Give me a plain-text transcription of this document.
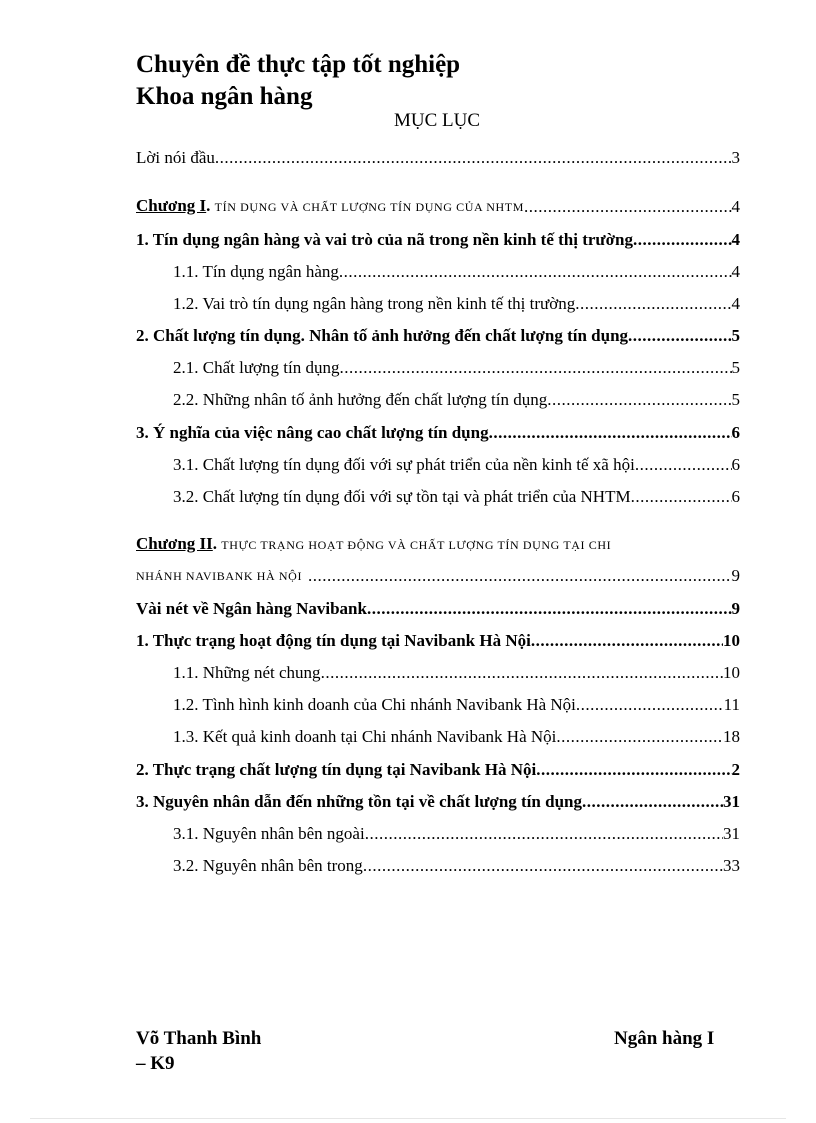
Chuyên đề thực tập tốt nghiệp
Khoa ngân hàng
MỤC LỤC
Lời nói đầu .....	3
Chương I. TÍN DỤNG VÀ CHẤT LƯỢNG TÍN DỤNG CỦA NHTM .....	4
1. Tín dụng ngân hàng và vai trò của nã trong nền kinh tế thị trường .....	4
1.1. Tín dụng ngân hàng .....	4
1.2. Vai trò tín dụng ngân hàng trong nền kinh tế thị trường .....	4
2. Chất lượng tín dụng. Nhân tố ảnh hưởng đến chất lượng tín dụng .....	5
2.1. Chất lượng tín dụng .....	5
2.2. Những nhân tố ảnh hưởng đến chất lượng tín dụng .....	5
3. Ý nghĩa của việc nâng cao chất lượng tín dụng .....	6
3.1. Chất lượng tín dụng đối với sự phát triển của nền kinh tế xã hội .....	6
3.2. Chất lượng tín dụng đối với sự tồn tại và phát triển của NHTM .....	6
Chương II. THỰC TRẠNG HOẠT ĐỘNG VÀ CHẤT LƯỢNG TÍN DỤNG TẠI CHI
NHÁNH NAVIBANK HÀ NỘI .....	9
Vài nét về Ngân hàng Navibank .....	9
1. Thực trạng hoạt động tín dụng tại Navibank Hà Nội .....	10
1.1. Những nét chung .....	10
1.2. Tình hình kinh doanh của Chi nhánh Navibank Hà Nội .....	11
1.3. Kết quả kinh doanh tại Chi nhánh Navibank Hà Nội .....	18
2. Thực trạng chất lượng tín dụng tại Navibank Hà Nội .....	2
3. Nguyên nhân dẫn đến những tồn tại về chất lượng tín dụng .....	31
3.1. Nguyên nhân bên ngoài .....	31
3.2. Nguyên nhân bên trong .....	33
Võ Thanh Bình
– K9
Ngân hàng I
